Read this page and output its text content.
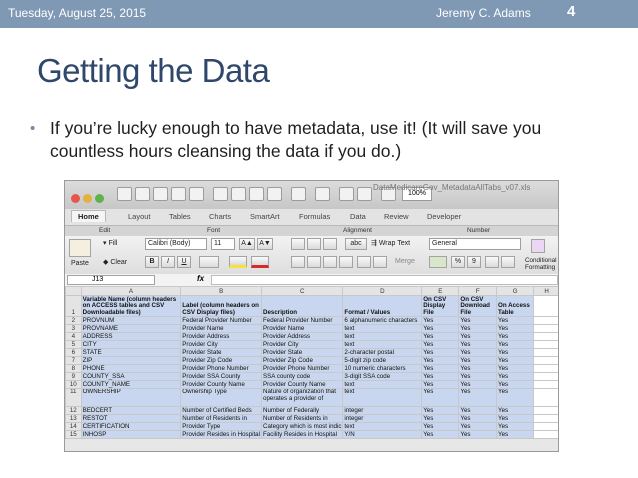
Tuesday, August 25, 2015	Jeremy C. Adams 4
Getting the Data
• If you’re lucky enough to have metadata, use it! (It will save you countless hours cleansing the data if you do.)
100%
DataMedicareGov_MetadataAllTabs_v07.xls
Home	Layout Tables Charts	SmartArt	Formulas	Data Review Developer
Edit	Font	Alignment	Number
Paste
▾ Fill
◆ Clear
Calibri (Body)	11	A▲ A▼
B	I	U
abc	⇶ Wrap Text
Merge
General
%	9	Conditional Formatting
J13	fx
	A	B	C	D	E	F	G	H
1	Variable Name (column headers on ACCESS tables and CSV Downloadable files)	Label (column headers on CSV Display files)	Description	Format / Values	On CSV Display File	On CSV Download File	On Access Table	
2	PROVNUM	Federal Provider Number	Federal Provider Number	6 alphanumeric characters	Yes	Yes	Yes	
3	PROVNAME	Provider Name	Provider Name	text	Yes	Yes	Yes	
4	ADDRESS	Provider Address	Provider Address	text	Yes	Yes	Yes	
5	CITY	Provider City	Provider City	text	Yes	Yes	Yes	
6	STATE	Provider State	Provider State	2-character postal	Yes	Yes	Yes	
7	ZIP	Provider Zip Code	Provider Zip Code	5-digit zip code	Yes	Yes	Yes	
8	PHONE	Provider Phone Number	Provider Phone Number	10 numeric characters	Yes	Yes	Yes	
9	COUNTY_SSA	Provider SSA County	SSA county code	3-digit SSA code	Yes	Yes	Yes	
10	COUNTY_NAME	Provider County Name	Provider County Name	text	Yes	Yes	Yes	
11	OWNERSHIP	Ownership Type	Nature of organization that operates a provider of	text	Yes	Yes	Yes	
12	BEDCERT	Number of Certified Beds	Number of Federally	integer	Yes	Yes	Yes	
13	RESTOT	Number of Residents in	Number of Residents in	integer	Yes	Yes	Yes	
14	CERTIFICATION	Provider Type	Category which is most indic	text	Yes	Yes	Yes	
15	INHOSP	Provider Resides in Hospital	Facility Resides in Hospital	Y/N	Yes	Yes	Yes	
